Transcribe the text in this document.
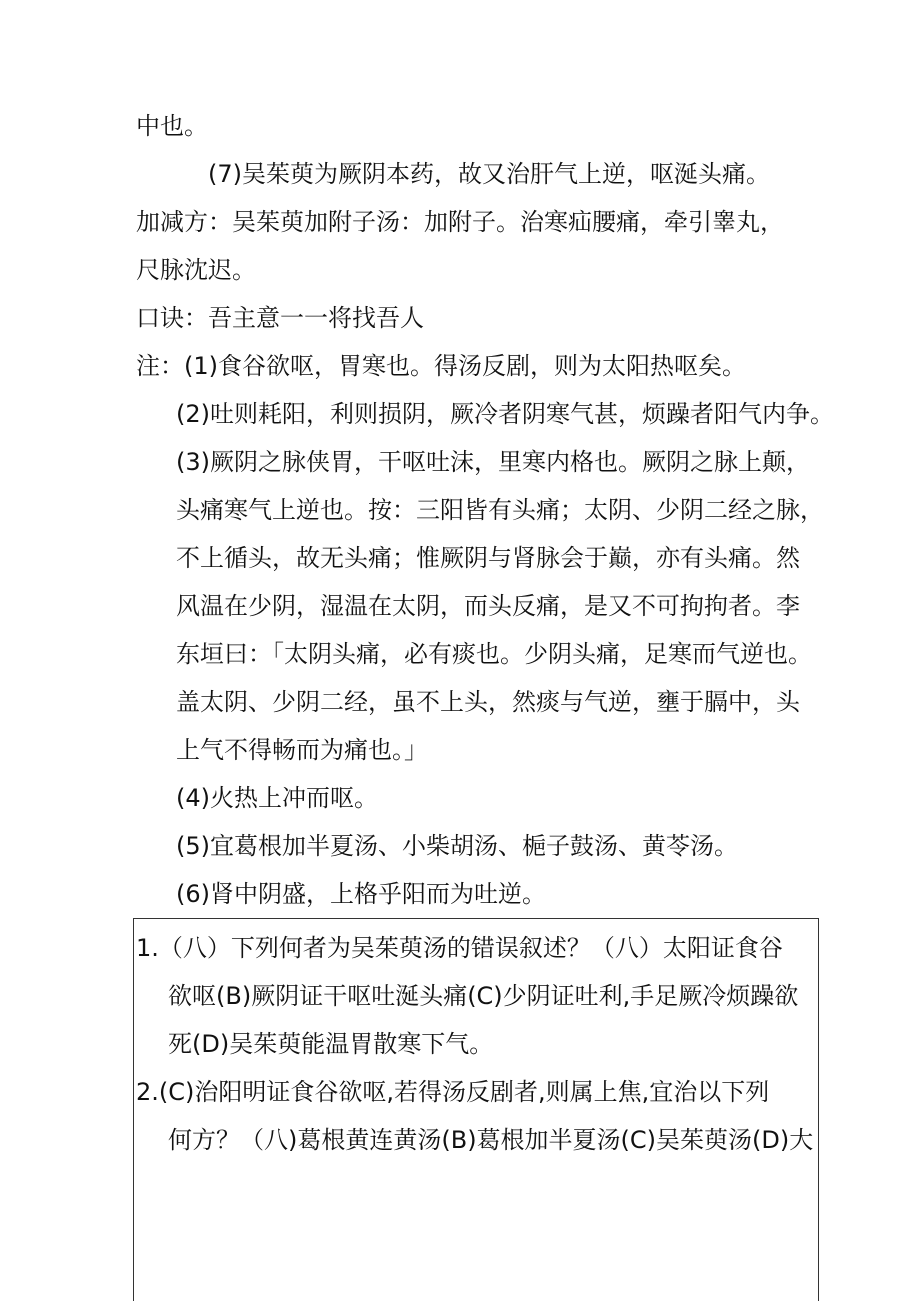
中也。
(7)吴茱萸为厥阴本药，故又治肝气上逆，呕涎头痛。
加减方：吴茱萸加附子汤：加附子。治寒疝腰痛，牵引睾丸，
尺脉沈迟。
口诀：吾主意一一将找吾人
注：(1)食谷欲呕，胃寒也。得汤反剧，则为太阳热呕矣。
(2)吐则耗阳，利则损阴，厥冷者阴寒气甚，烦躁者阳气内争。
(3)厥阴之脉侠胃，干呕吐沫，里寒内格也。厥阴之脉上颠，
头痛寒气上逆也。按：三阳皆有头痛；太阴、少阴二经之脉，
不上循头，故无头痛；惟厥阴与肾脉会于巅，亦有头痛。然
风温在少阴，湿温在太阴，而头反痛，是又不可拘拘者。李
东垣曰：「太阴头痛，必有痰也。少阴头痛，足寒而气逆也。
盖太阴、少阴二经，虽不上头，然痰与气逆，壅于膈中，头
上气不得畅而为痛也。」
(4)火热上冲而呕。
(5)宜葛根加半夏汤、小柴胡汤、梔子鼓汤、黄苓汤。
(6)肾中阴盛，上格乎阳而为吐逆。
1.（八）下列何者为吴茱萸汤的错误叙述？（八）太阳证食谷
欲呕(B)厥阴证干呕吐涎头痛(C)少阴证吐利,手足厥冷烦躁欲
死(D)吴茱萸能温胃散寒下气。
2.(C)治阳明证食谷欲呕,若得汤反剧者,则属上焦,宜治以下列
何方？（八)葛根黄连黄汤(B)葛根加半夏汤(C)吴茱萸汤(D)大
